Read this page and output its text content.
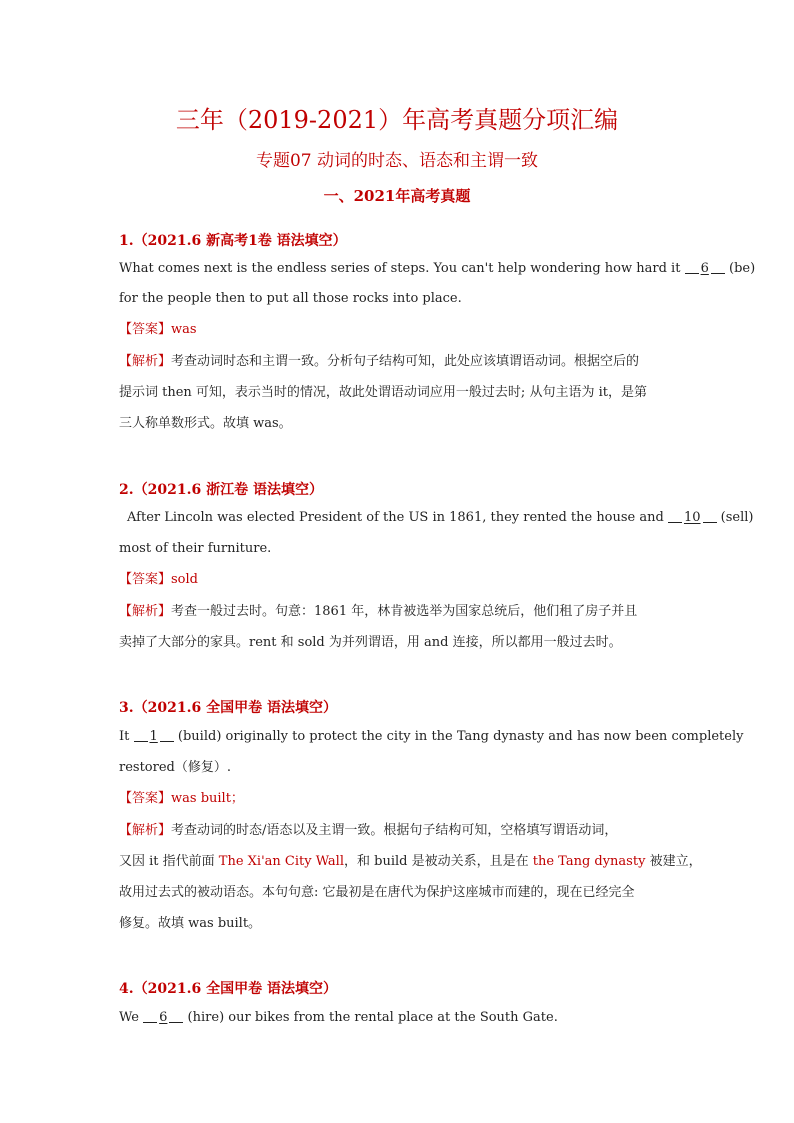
三年（2019-2021）年高考真题分项汇编
专题07 动词的时态、语态和主谓一致
一、2021年高考真题
1.（2021.6 新高考1卷 语法填空）
What comes next is the endless series of steps. You can't help wondering how hard it 6 (be)
for the people then to put all those rocks into place.
【答案】was
【解析】考查动词时态和主谓一致。分析句子结构可知，此处应该填谓语动词。根据空后的
提示词 then 可知，表示当时的情况，故此处谓语动词应用一般过去时; 从句主语为 it，是第
三人称单数形式。故填 was。
2.（2021.6 浙江卷 语法填空）
After Lincoln was elected President of the US in 1861, they rented the house and 10 (sell)
most of their furniture.
【答案】sold
【解析】考查一般过去时。句意：1861 年，林肯被选举为国家总统后，他们租了房子并且
卖掉了大部分的家具。rent 和 sold 为并列谓语，用 and 连接，所以都用一般过去时。
3.（2021.6 全国甲卷 语法填空）
It 1 (build) originally to protect the city in the Tang dynasty and has now been completely
restored（修复）.
【答案】was built；
【解析】考查动词的时态/语态以及主谓一致。根据句子结构可知，空格填写谓语动词，
又因 it 指代前面 The Xi'an City Wall，和 build 是被动关系，且是在 the Tang dynasty 被建立，
故用过去式的被动语态。本句句意: 它最初是在唐代为保护这座城市而建的，现在已经完全
修复。故填 was built。
4.（2021.6 全国甲卷 语法填空）
We 6 (hire) our bikes from the rental place at the South Gate.
